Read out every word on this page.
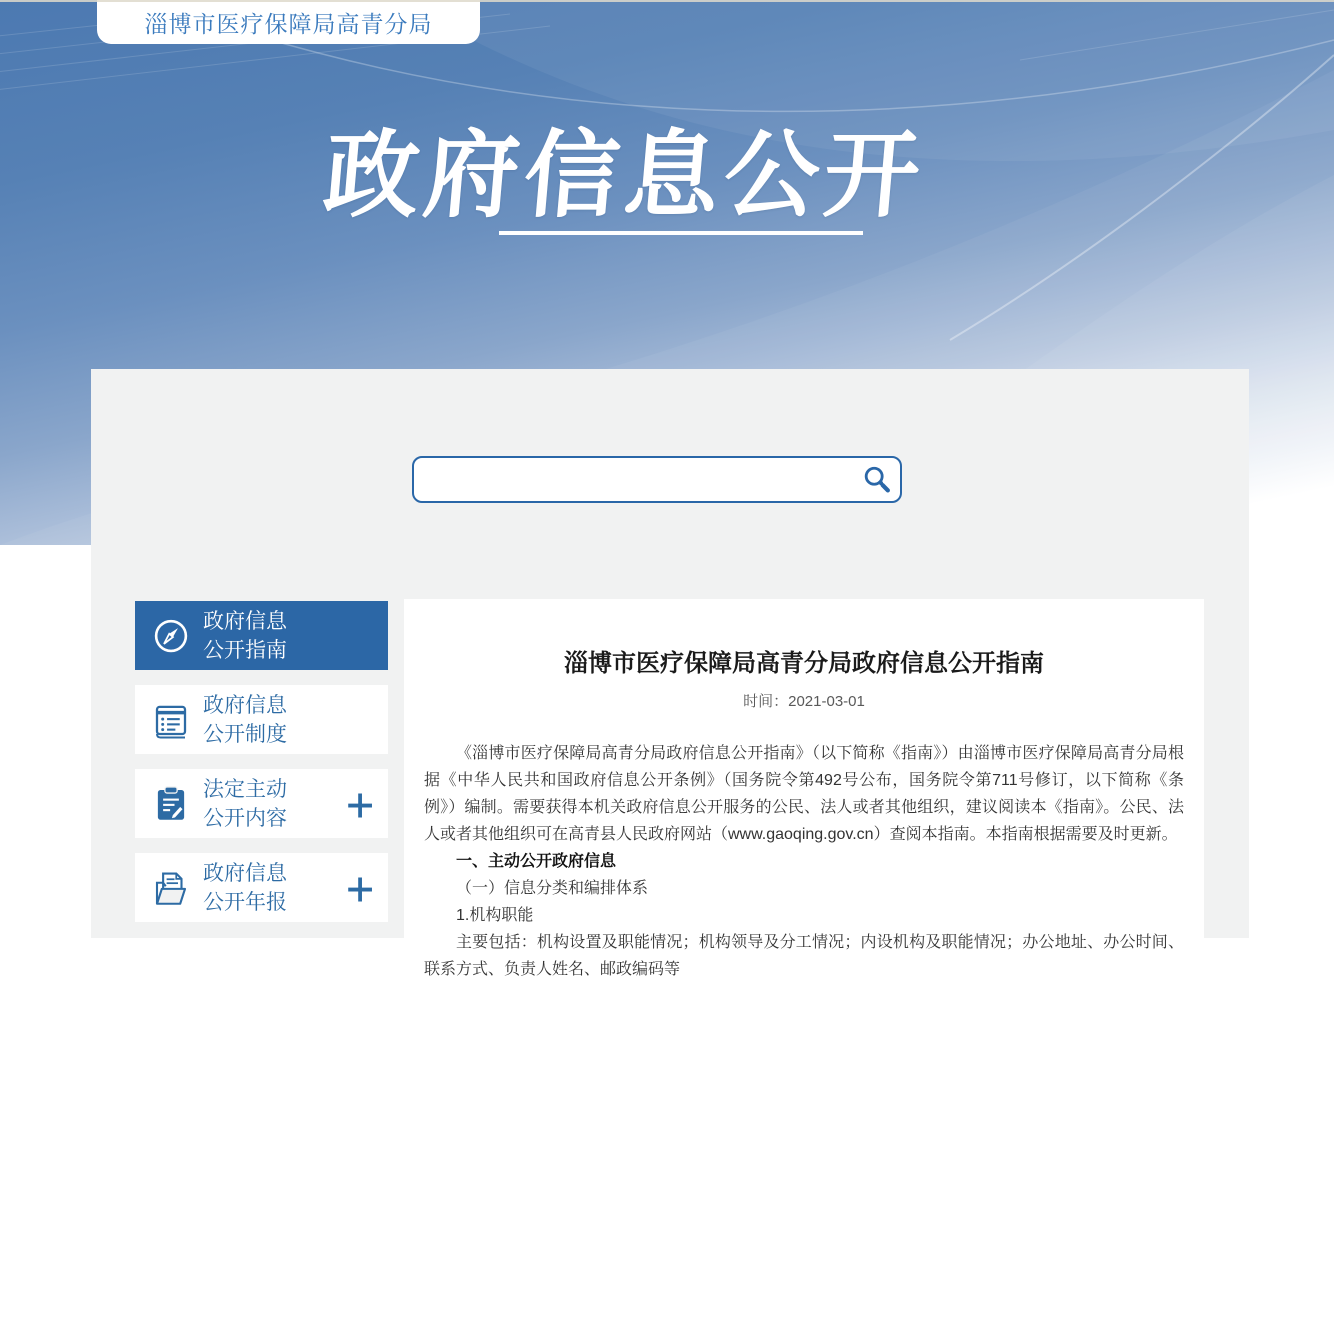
淄博市医疗保障局高青分局
政府信息公开
政府信息
公开指南
政府信息
公开制度
法定主动
公开内容 +
政府信息
公开年报 +
淄博市医疗保障局高青分局政府信息公开指南
时间：2021-03-01

《淄博市医疗保障局高青分局政府信息公开指南》（以下简称《指南》）由淄博市医疗保障局高青分局根据《中华人民共和国政府信息公开条例》（国务院令第492号公布，国务院令第711号修订，以下简称《条例》）编制。需要获得本机关政府信息公开服务的公民、法人或者其他组织，建议阅读本《指南》。公民、法人或者其他组织可在高青县人民政府网站（www.gaoqing.gov.cn）查阅本指南。本指南根据需要及时更新。

一、主动公开政府信息

（一）信息分类和编排体系

1.机构职能

主要包括：机构设置及职能情况；机构领导及分工情况；内设机构及职能情况；办公地址、办公时间、联系方式、负责人姓名、邮政编码等
